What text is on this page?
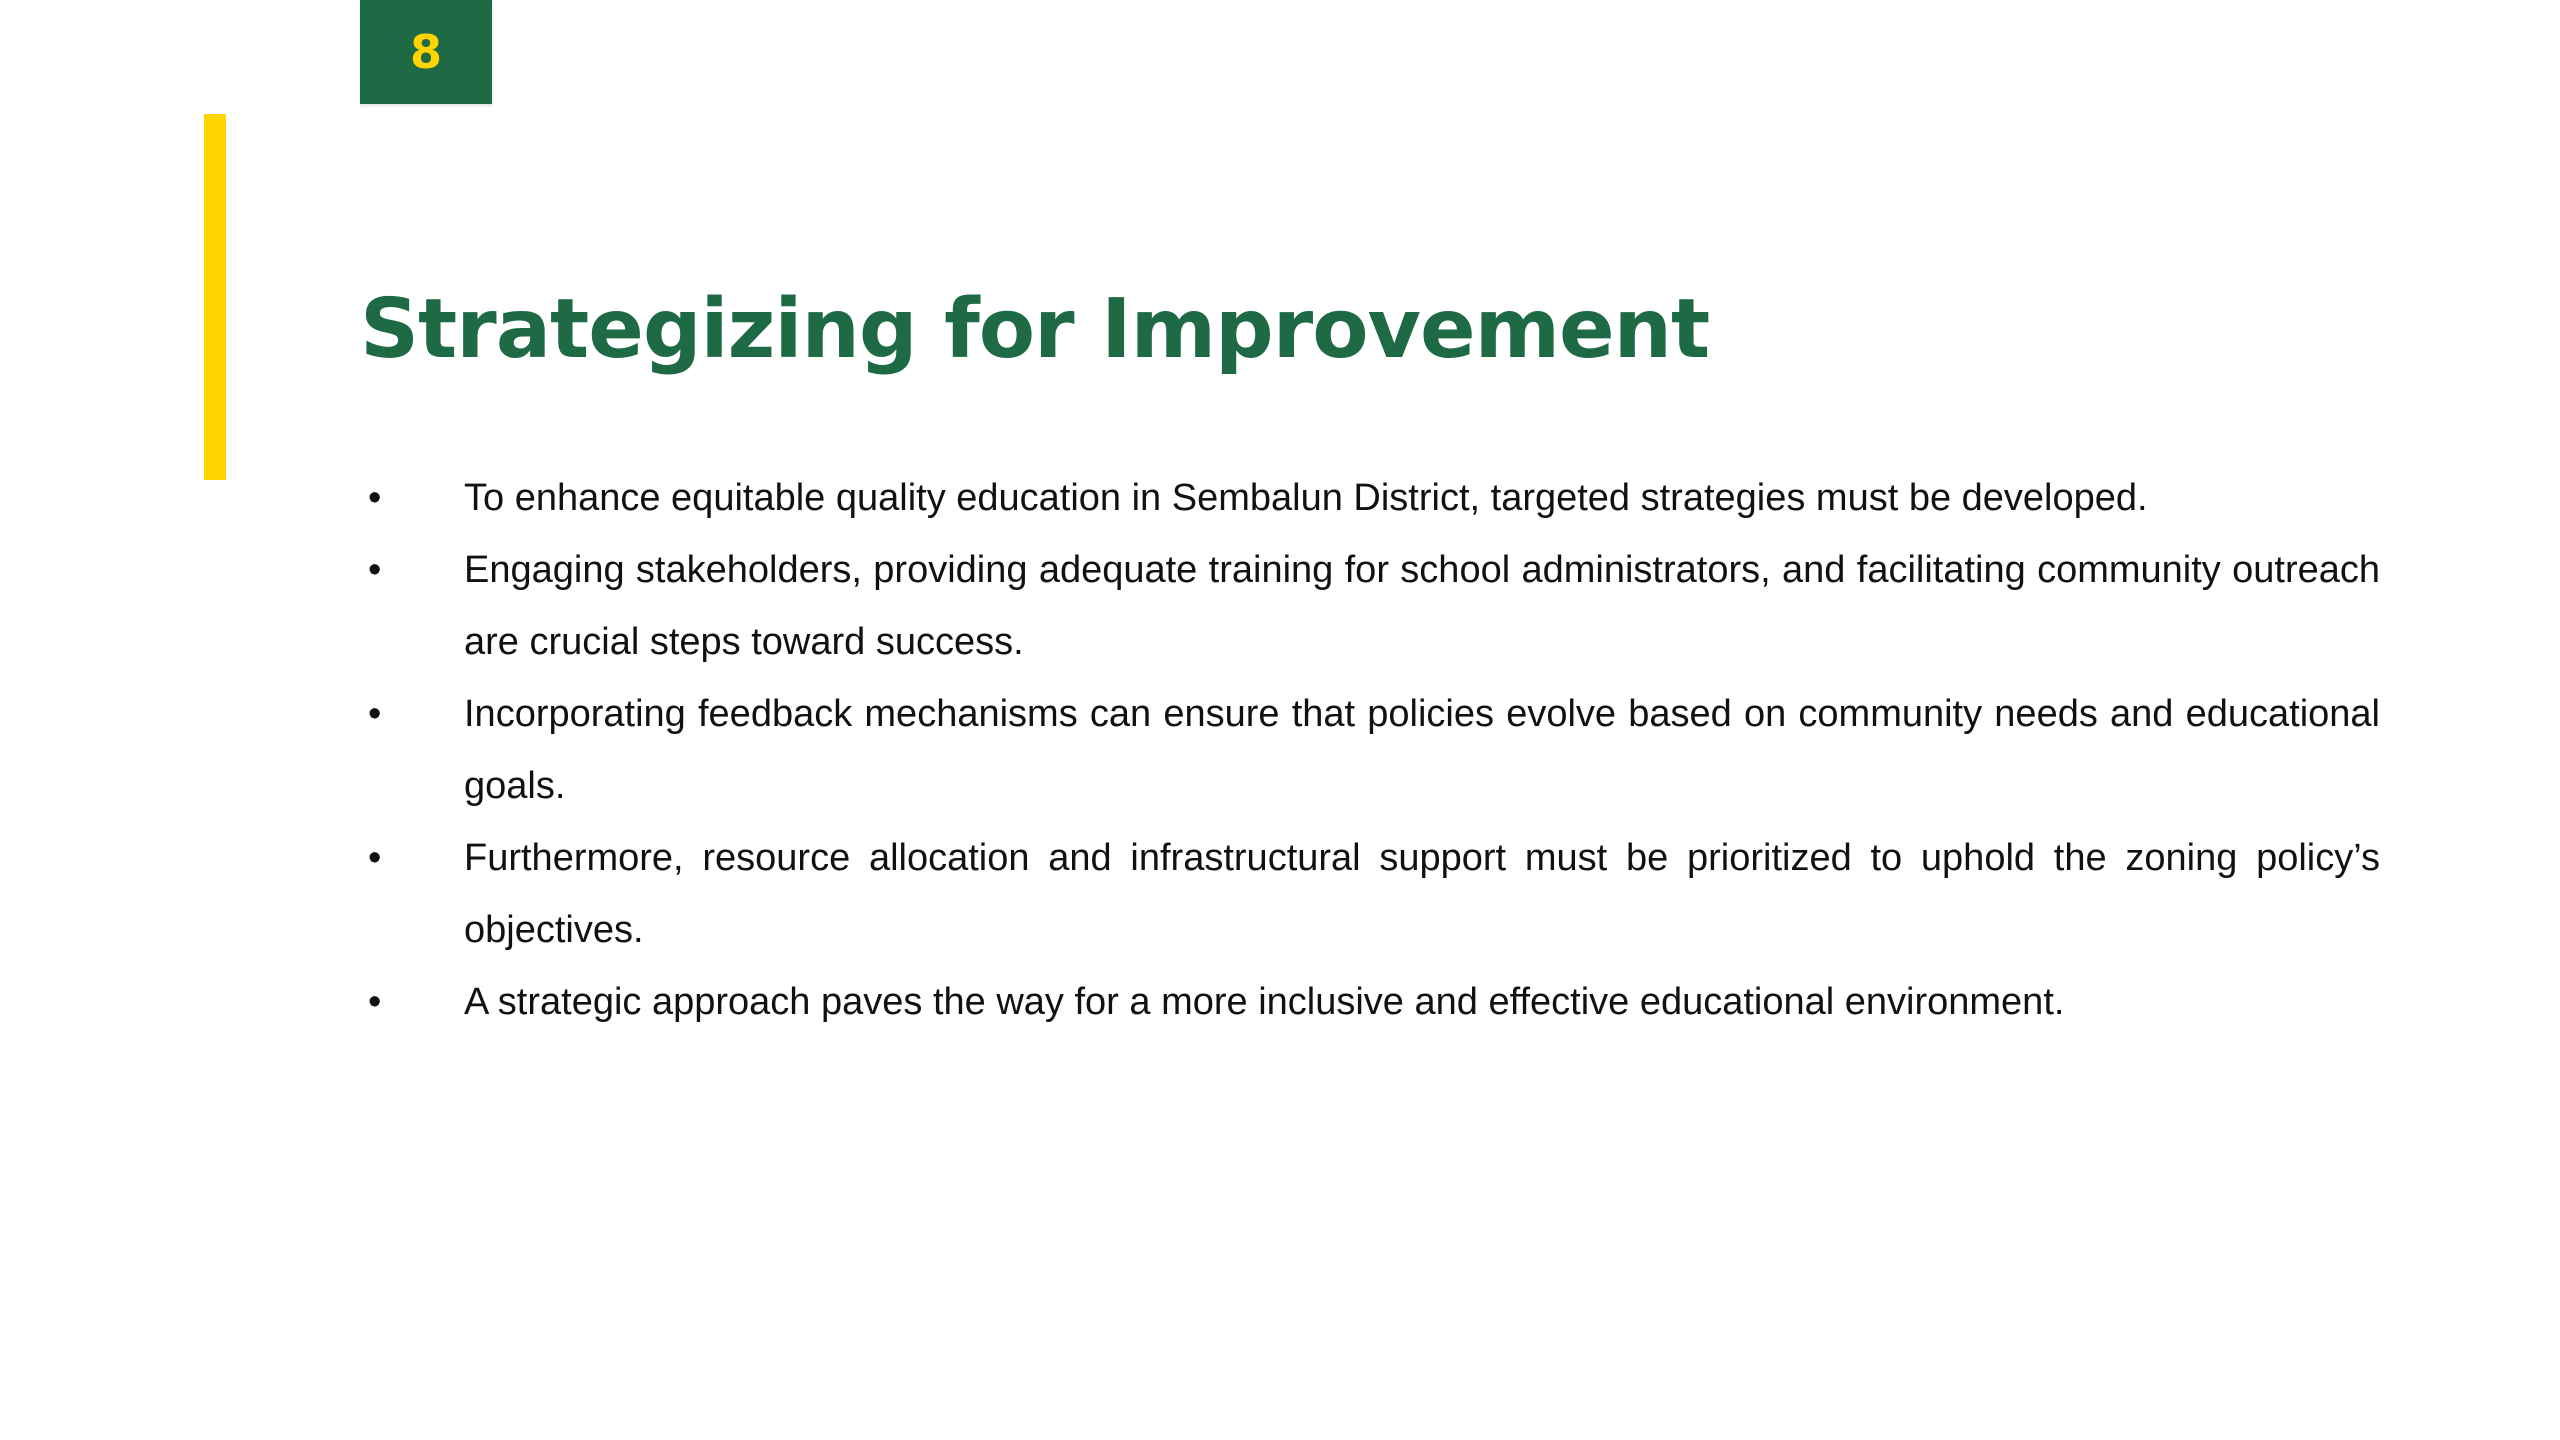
8
Strategizing for Improvement
• To enhance equitable quality education in Sembalun District, targeted strategies must be developed.
• Engaging stakeholders, providing adequate training for school administrators, and facilitating community outreach are crucial steps toward success.
• Incorporating feedback mechanisms can ensure that policies evolve based on community needs and educational goals.
• Furthermore, resource allocation and infrastructural support must be prioritized to uphold the zoning policy’s objectives.
• A strategic approach paves the way for a more inclusive and effective educational environment.
